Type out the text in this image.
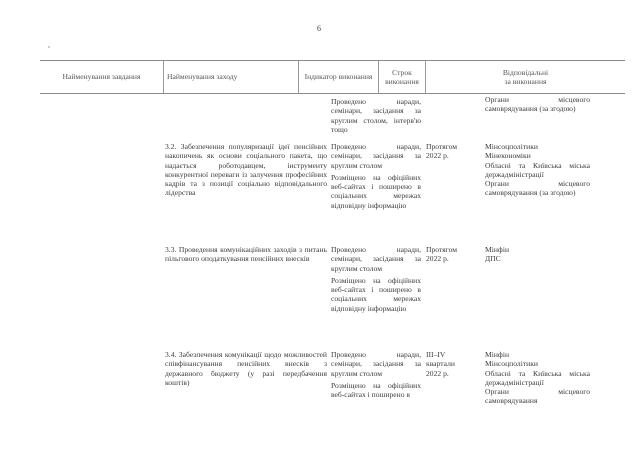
6
Найменування завдання	Найменування заходу	Індикатор виконання
Строк
виконання
Відповідальні
за виконання
Проведено наради, семінари, засідання за круглим столом, інтерв'ю тощо
Органи місцевого самоврядування (за згодою)
3.2. Забезпечення популяризації ідеї пенсійних накопичень як основи соціального пакета, що надається роботодавцем, інструменту конкурентної переваги із залучення професійних кадрів та з позиції соціально відповідального лідерства
Проведено наради, семінари, засідання за круглим столом
Розміщено на офіційних веб-сайтах і поширено в соціальних мережах відповідну інформацію
Протягом 2022 р.
Мінсоцполітики
Мінекономіки
Обласні та Київська міська держадміністрації
Органи місцевого самоврядування (за згодою)
3.3. Проведення комунікаційних заходів з питань пільгового оподаткування пенсійних внесків
Проведено наради, семінари, засідання за круглим столом
Розміщено на офіційних веб-сайтах і поширено в соціальних мережах відповідну інформацію
Протягом 2022 р.
Мінфін
ДПС
3.4. Забезпечення комунікації щодо можливостей співфінансування пенсійних внесків з державного бюджету (у разі передбачення коштів)
Проведено наради, семінари, засідання за круглим столом
Розміщено на офіційних веб-сайтах і поширено в
III–IV квартали 2022 р.
Мінфін
Мінсоцполітики
Обласні та Київська міська держадміністрації
Органи місцевого самоврядування
